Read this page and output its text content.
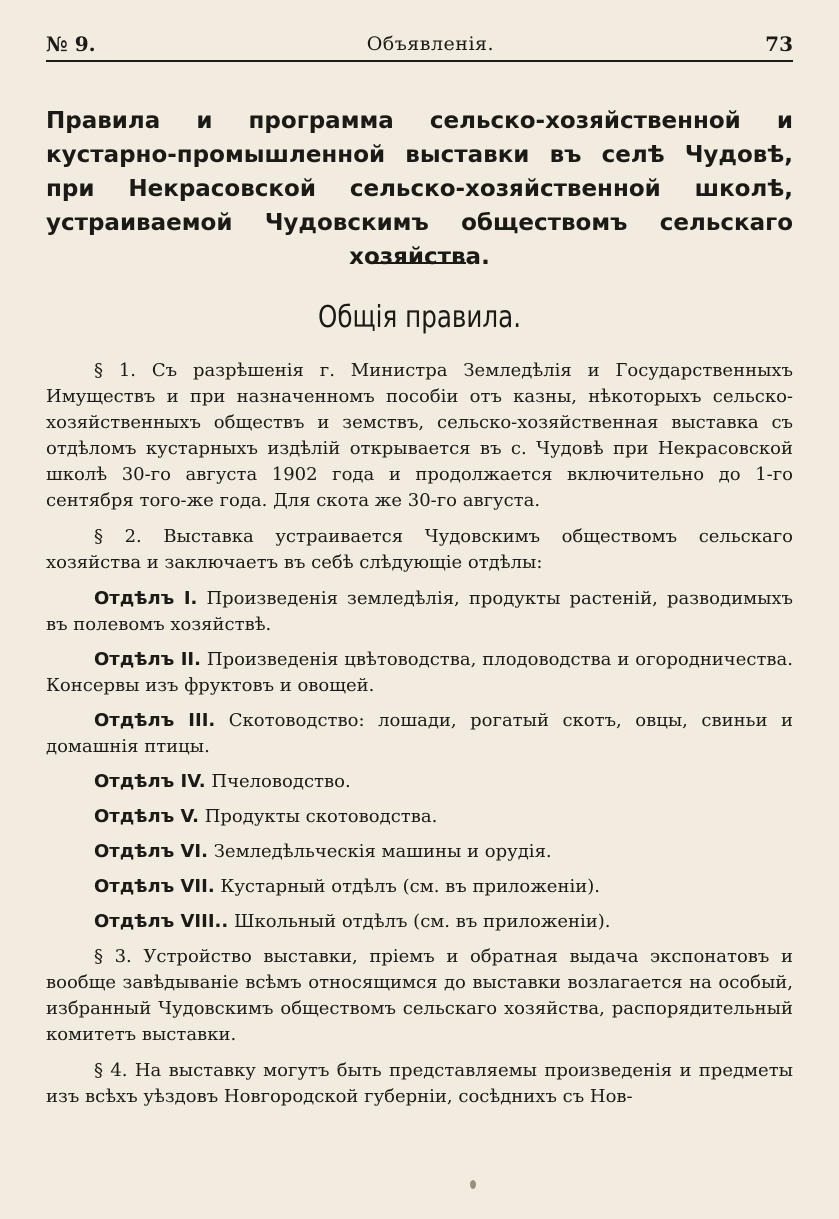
№ 9.	Объявленія.	73
Правила и программа сельско-хозяйственной и кустарно-промышленной выставки въ селѣ Чудовѣ, при Некрасовской сельско-хозяйственной школѣ, устраиваемой Чудовскимъ обществомъ сельскаго хозяйства.
Общія правила.

§ 1. Съ разрѣшенія г. Министра Земледѣлія и Государственныхъ Имуществъ и при назначенномъ пособіи отъ казны, нѣкоторыхъ сельско-хозяйственныхъ обществъ и земствъ, сельско-хозяйственная выставка съ отдѣломъ кустарныхъ издѣлій открывается въ с. Чудовѣ при Некрасовской школѣ 30-го августа 1902 года и продолжается включительно до 1-го сентября того-же года. Для скота же 30-го августа.

§ 2. Выставка устраивается Чудовскимъ обществомъ сельскаго хозяйства и заключаетъ въ себѣ слѣдующіе отдѣлы:

Отдѣлъ I. Произведенія земледѣлія, продукты растеній, разводимыхъ въ полевомъ хозяйствѣ.

Отдѣлъ II. Произведенія цвѣтоводства, плодоводства и огородничества. Консервы изъ фруктовъ и овощей.

Отдѣлъ III. Скотоводство: лошади, рогатый скотъ, овцы, свиньи и домашнія птицы.

Отдѣлъ IV. Пчеловодство.

Отдѣлъ V. Продукты скотоводства.

Отдѣлъ VI. Земледѣльческія машины и орудія.

Отдѣлъ VII. Кустарный отдѣлъ (см. въ приложеніи).

Отдѣлъ VIII.. Школьный отдѣлъ (см. въ приложеніи).

§ 3. Устройство выставки, пріемъ и обратная выдача экспонатовъ и вообще завѣдываніе всѣмъ относящимся до выставки возлагается на особый, избранный Чудовскимъ обществомъ сельскаго хозяйства, распорядительный комитетъ выставки.

§ 4. На выставку могутъ быть представляемы произведенія и предметы изъ всѣхъ уѣздовъ Новгородской губерніи, сосѣднихъ съ Нов-
